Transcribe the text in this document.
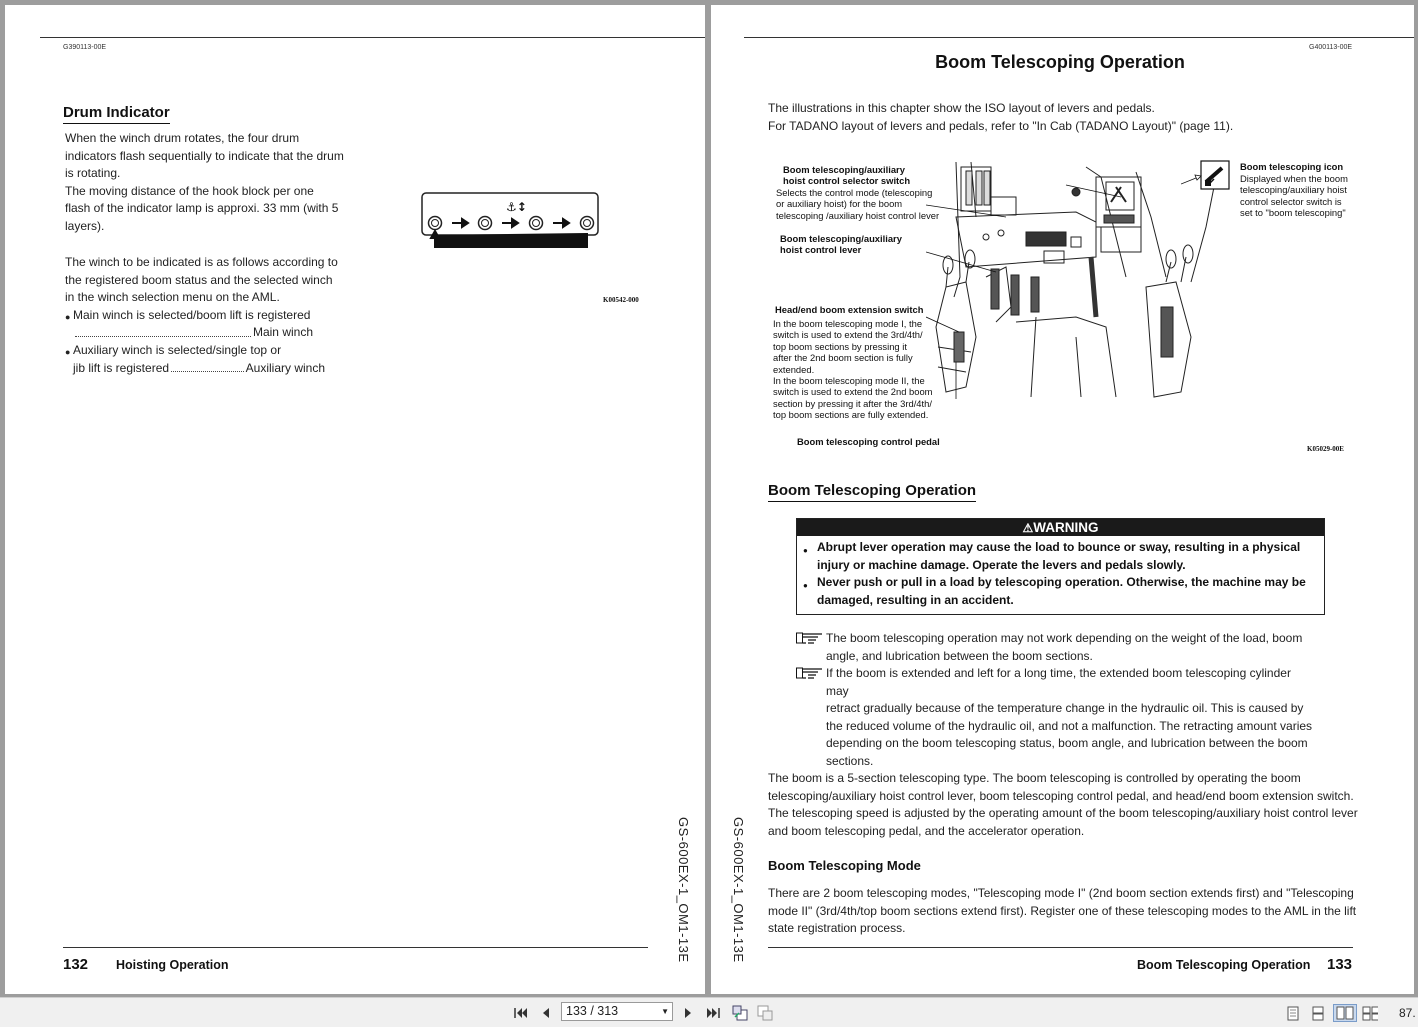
G390113-00E
Drum Indicator
When the winch drum rotates, the four drum
indicators flash sequentially to indicate that the drum
is rotating.
The moving distance of the hook block per one
flash of the indicator lamp is approxi. 33 mm (with 5
layers).
The winch to be indicated is as follows according to
the registered boom status and the selected winch
in the winch selection menu on the AML.
● Main winch is selected/boom lift is registered
Main winch
● Auxiliary winch is selected/single top or
jib lift is registered	Auxiliary winch
⚓↕
K00542-000
GS-600EX-1_OM1-13E
132 Hoisting Operation
G400113-00E
Boom Telescoping Operation
The illustrations in this chapter show the ISO layout of levers and pedals.
For TADANO layout of levers and pedals, refer to "In Cab (TADANO Layout)" (page 11).
Boom telescoping/auxiliary
hoist control selector switch
Selects the control mode (telescoping
or auxiliary hoist) for the boom
telescoping /auxiliary hoist control lever
Boom telescoping/auxiliary
hoist control lever
Head/end boom extension switch
In the boom telescoping mode I, the
switch is used to extend the 3rd/4th/
top boom sections by pressing it
after the 2nd boom section is fully
extended.
In the boom telescoping mode II, the
switch is used to extend the 2nd boom
section by pressing it after the 3rd/4th/
top boom sections are fully extended.
Boom telescoping control pedal
Boom telescoping icon
Displayed when the boom
telescoping/auxiliary hoist
control selector switch is
set to "boom telescoping"
K05029-00E
Boom Telescoping Operation
⚠WARNING
● Abrupt lever operation may cause the load to bounce or sway, resulting in a physical
injury or machine damage. Operate the levers and pedals slowly.
● Never push or pull in a load by telescoping operation. Otherwise, the machine may be
damaged, resulting in an accident.
The boom telescoping operation may not work depending on the weight of the load, boom
angle, and lubrication between the boom sections.
If the boom is extended and left for a long time, the extended boom telescoping cylinder may
retract gradually because of the temperature change in the hydraulic oil. This is caused by
the reduced volume of the hydraulic oil, and not a malfunction. The retracting amount varies
depending on the boom telescoping status, boom angle, and lubrication between the boom
sections.
The boom is a 5-section telescoping type. The boom telescoping is controlled by operating the boom
telescoping/auxiliary hoist control lever, boom telescoping control pedal, and head/end boom extension switch.
The telescoping speed is adjusted by the operating amount of the boom telescoping/auxiliary hoist control lever
and boom telescoping pedal, and the accelerator operation.
Boom Telescoping Mode
There are 2 boom telescoping modes, "Telescoping mode I" (2nd boom section extends first) and "Telescoping
mode II" (3rd/4th/top boom sections extend first). Register one of these telescoping modes to the AML in the lift
state registration process.
GS-600EX-1_OM1-13E
Boom Telescoping Operation 133
133 / 313	▼	87.
